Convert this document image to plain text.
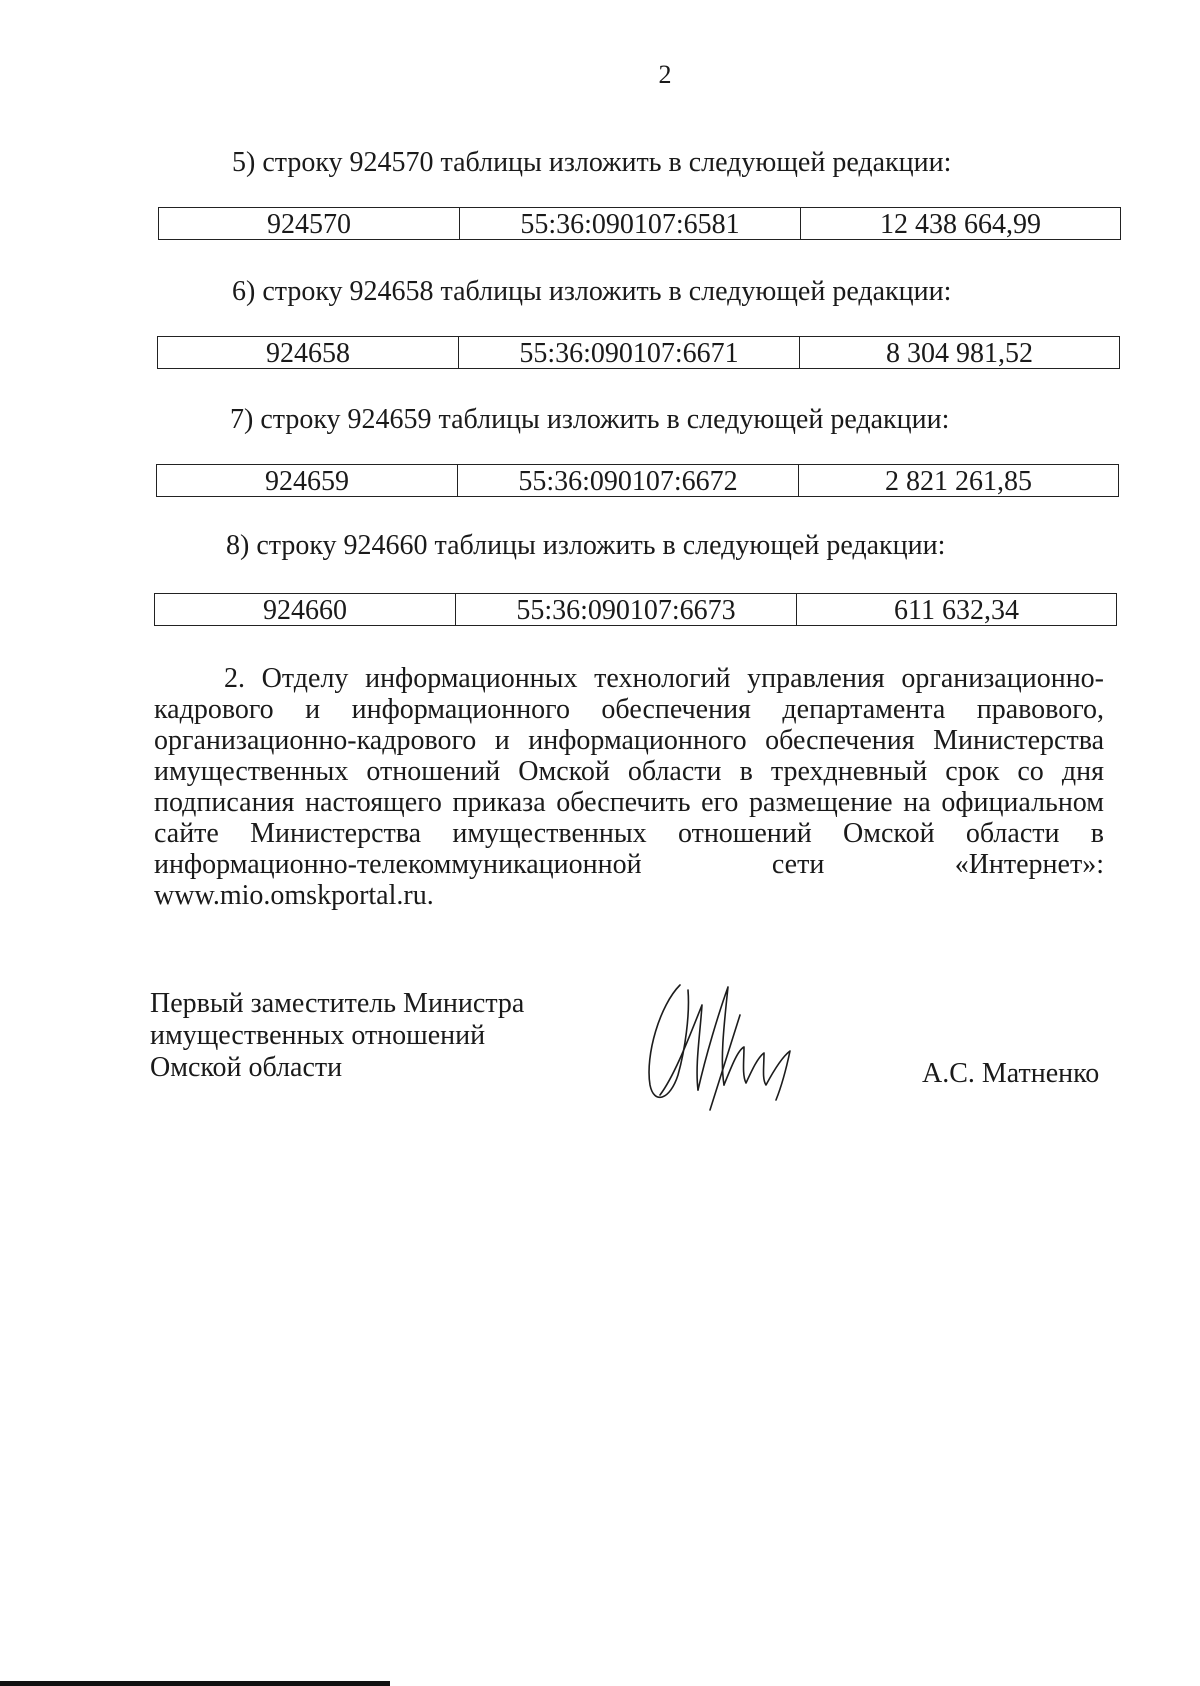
2
5) строку 924570 таблицы изложить в следующей редакции:
924570	55:36:090107:6581	12 438 664,99
6) строку 924658 таблицы изложить в следующей редакции:
924658	55:36:090107:6671	8 304 981,52
7) строку 924659 таблицы изложить в следующей редакции:
924659	55:36:090107:6672	2 821 261,85
8) строку 924660 таблицы изложить в следующей редакции:
924660	55:36:090107:6673	611 632,34

2. Отделу информационных технологий управления организационно-кадрового и информационного обеспечения департамента правового, организационно-кадрового и информационного обеспечения Министерства имущественных отношений Омской области в трехдневный срок со дня подписания настоящего приказа обеспечить его размещение на официальном сайте Министерства имущественных отношений Омской области в информационно-телекоммуникационной сети «Интернет»: www.mio.omskportal.ru.

Первый заместитель Министра
имущественных отношений
Омской области	А.С. Матненко
